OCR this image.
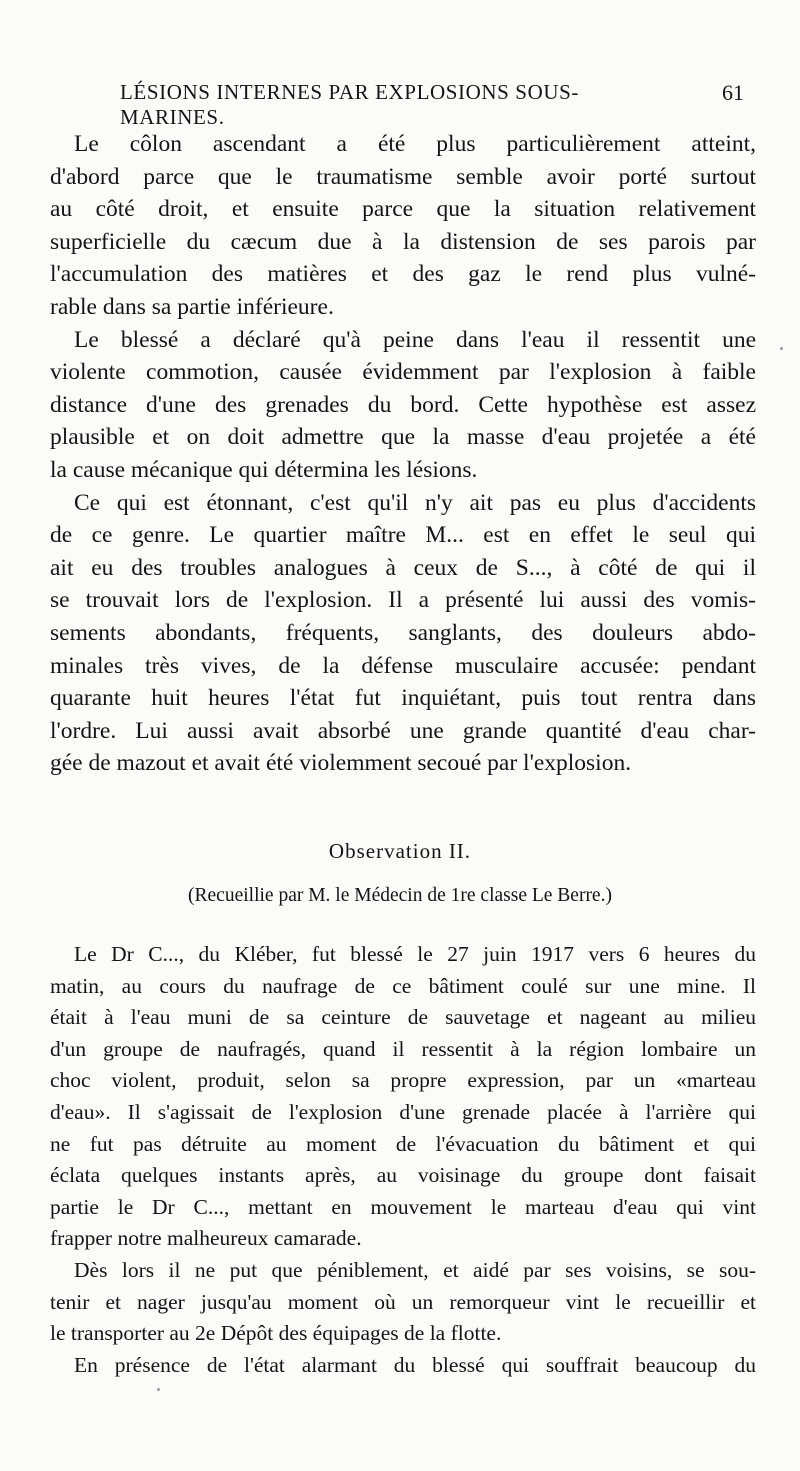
LÉSIONS INTERNES PAR EXPLOSIONS SOUS-MARINES.
61
Le côlon ascendant a été plus particulièrement atteint,
d'abord parce que le traumatisme semble avoir porté surtout
au côté droit, et ensuite parce que la situation relativement
superficielle du cæcum due à la distension de ses parois par
l'accumulation des matières et des gaz le rend plus vulné-
rable dans sa partie inférieure.
Le blessé a déclaré qu'à peine dans l'eau il ressentit une
violente commotion, causée évidemment par l'explosion à faible
distance d'une des grenades du bord. Cette hypothèse est assez
plausible et on doit admettre que la masse d'eau projetée a été
la cause mécanique qui détermina les lésions.
Ce qui est étonnant, c'est qu'il n'y ait pas eu plus d'accidents
de ce genre. Le quartier maître M... est en effet le seul qui
ait eu des troubles analogues à ceux de S..., à côté de qui il
se trouvait lors de l'explosion. Il a présenté lui aussi des vomis-
sements abondants, fréquents, sanglants, des douleurs abdo-
minales très vives, de la défense musculaire accusée: pendant
quarante huit heures l'état fut inquiétant, puis tout rentra dans
l'ordre. Lui aussi avait absorbé une grande quantité d'eau char-
gée de mazout et avait été violemment secoué par l'explosion.
Observation II.
(Recueillie par M. le Médecin de 1re classe Le Berre.)
Le Dr C..., du Kléber, fut blessé le 27 juin 1917 vers 6 heures du
matin, au cours du naufrage de ce bâtiment coulé sur une mine. Il
était à l'eau muni de sa ceinture de sauvetage et nageant au milieu
d'un groupe de naufragés, quand il ressentit à la région lombaire un
choc violent, produit, selon sa propre expression, par un «marteau
d'eau». Il s'agissait de l'explosion d'une grenade placée à l'arrière qui
ne fut pas détruite au moment de l'évacuation du bâtiment et qui
éclata quelques instants après, au voisinage du groupe dont faisait
partie le Dr C..., mettant en mouvement le marteau d'eau qui vint
frapper notre malheureux camarade.
Dès lors il ne put que péniblement, et aidé par ses voisins, se sou-
tenir et nager jusqu'au moment où un remorqueur vint le recueillir et
le transporter au 2e Dépôt des équipages de la flotte.
En présence de l'état alarmant du blessé qui souffrait beaucoup du
